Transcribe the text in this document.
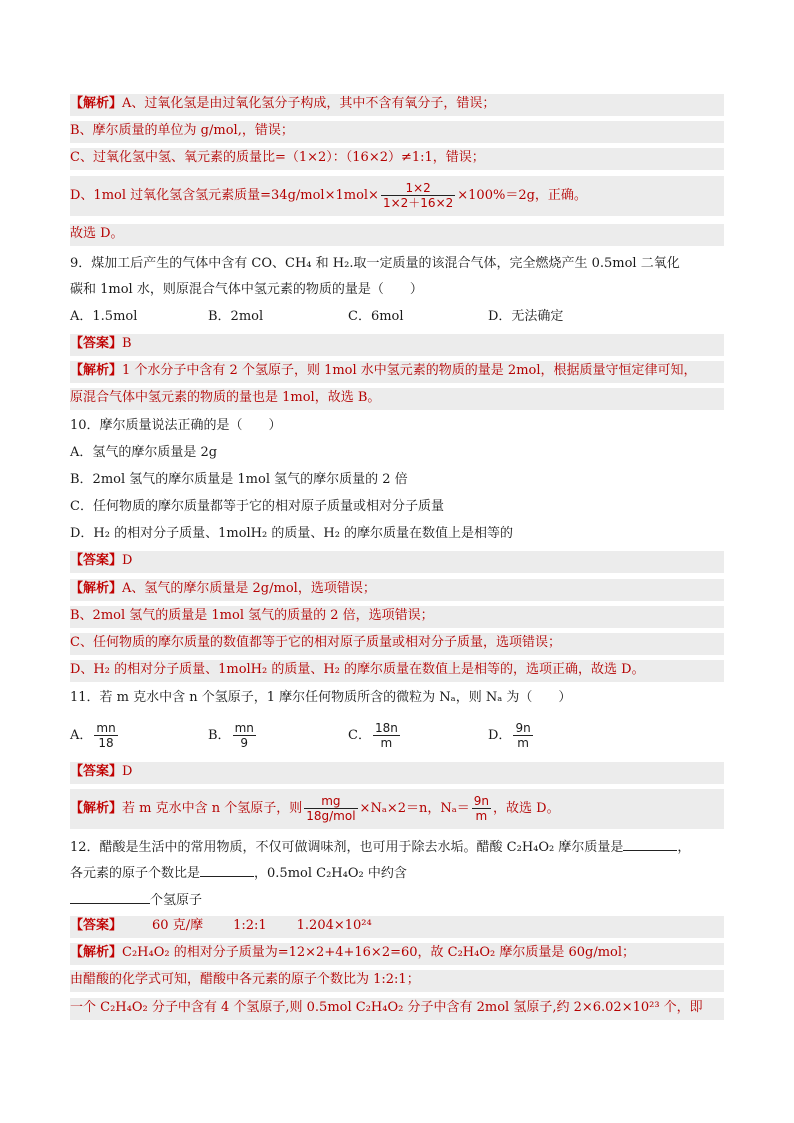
【解析】A、过氧化氢是由过氧化氢分子构成，其中不含有氧分子，错误；
B、摩尔质量的单位为 g/mol,，错误；
C、过氧化氢中氢、氧元素的质量比=（1×2）：（16×2）≠1:1，错误；
D、1mol 过氧化氢含氢元素质量$=34g/mol\times 1mol\times \frac{1\times 2}{1\times 2+16\times 2} \times 100\%=2g$，正确。
故选 D。
9．煤加工后产生的气体中含有 CO、CH₄ 和 H₂.取一定质量的该混合气体，完全燃烧产生 0.5mol 二氧化
碳和 1mol 水，则原混合气体中氢元素的物质的量是（　　）
A．1.5mol	B．2mol	C．6mol	D．无法确定
【答案】B
【解析】1 个水分子中含有 2 个氢原子，则 1mol 水中氢元素的物质的量是 2mol，根据质量守恒定律可知，
原混合气体中氢元素的物质的量也是 1mol，故选 B。
10．摩尔质量说法正确的是（　　）
A．氢气的摩尔质量是 2g
B．2mol 氢气的摩尔质量是 1mol 氢气的摩尔质量的 2 倍
C．任何物质的摩尔质量都等于它的相对原子质量或相对分子质量
D．H₂ 的相对分子质量、1molH₂ 的质量、H₂ 的摩尔质量在数值上是相等的
【答案】D
【解析】A、氢气的摩尔质量是 2g/mol，选项错误；
B、2mol 氢气的质量是 1mol 氢气的质量的 2 倍，选项错误；
C、任何物质的摩尔质量的数值都等于它的相对原子质量或相对分子质量，选项错误；
D、H₂ 的相对分子质量、1molH₂ 的质量、H₂ 的摩尔质量在数值上是相等的，选项正确，故选 D。
11．若 m 克水中含 n 个氢原子，1 摩尔任何物质所含的微粒为 Nₐ，则 Nₐ 为（　　）
A． $\frac{mn}{18}$	B． $\frac{mn}{9}$	C． $\frac{18n}{m}$	D． $\frac{9n}{m}$
【答案】D
【解析】若 m 克水中含 n 个氢原子，则 $\frac{mg}{\text{18g/mol}} \times N_a\times 2=n$，$N_a= \frac{9n}{m}$ ，故选 D。
12．醋酸是生活中的常用物质，不仅可做调味剂，也可用于除去水垢。醋酸 C₂H₄O₂ 摩尔质量是	，
各元素的原子个数比是	，0.5mol C₂H₄O₂ 中约含
个氢原子
【答案】 60 克/摩 1:2:1 1.204×10²⁴
【解析】C₂H₄O₂ 的相对分子质量为=12×2+4+16×2=60，故 C₂H₄O₂ 摩尔质量是 60g/mol；
由醋酸的化学式可知，醋酸中各元素的原子个数比为 1:2:1；
一个 C₂H₄O₂ 分子中含有 4 个氢原子,则 0.5mol C₂H₄O₂ 分子中含有 2mol 氢原子,约 2×6.02×10²³ 个，即
